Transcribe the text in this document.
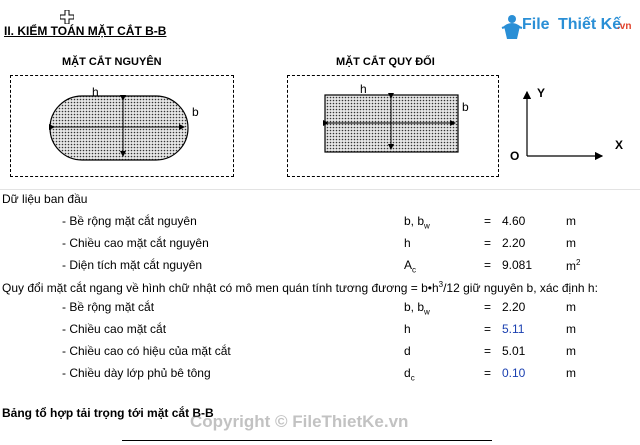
II. KIỂM TOÁN MẶT CẮT B-B	File Thiết Kế
.vn
MẶT CẮT NGUYÊN
h
b
MẶT CẮT QUY ĐỔI
h
b
Y
X
O
Dữ liệu ban đầu
- Bề rộng mặt cắt nguyên	b, $b_w$	= 4.60	m
- Chiều cao mặt cắt nguyên	h	= 2.20	m
- Diện tích mặt cắt nguyên	$A_c$	= 9.081	$m^2$
Quy đổi mặt cắt ngang về hình chữ nhật có mô men quán tính tương đương = $b•h^3/12$ giữ nguyên b, xác định h:
- Bề rộng mặt cắt	b, $b_w$	= 2.20	m
- Chiều cao mặt cắt	h	= 5.11	m
- Chiều cao có hiệu của mặt cắt	d	= 5.01	m
- Chiều dày lớp phủ bê tông	$d_c$	= 0.10	m
Bảng tổ hợp tải trọng tới mặt cắt B-B
Copyright © FileThietKe.vn
